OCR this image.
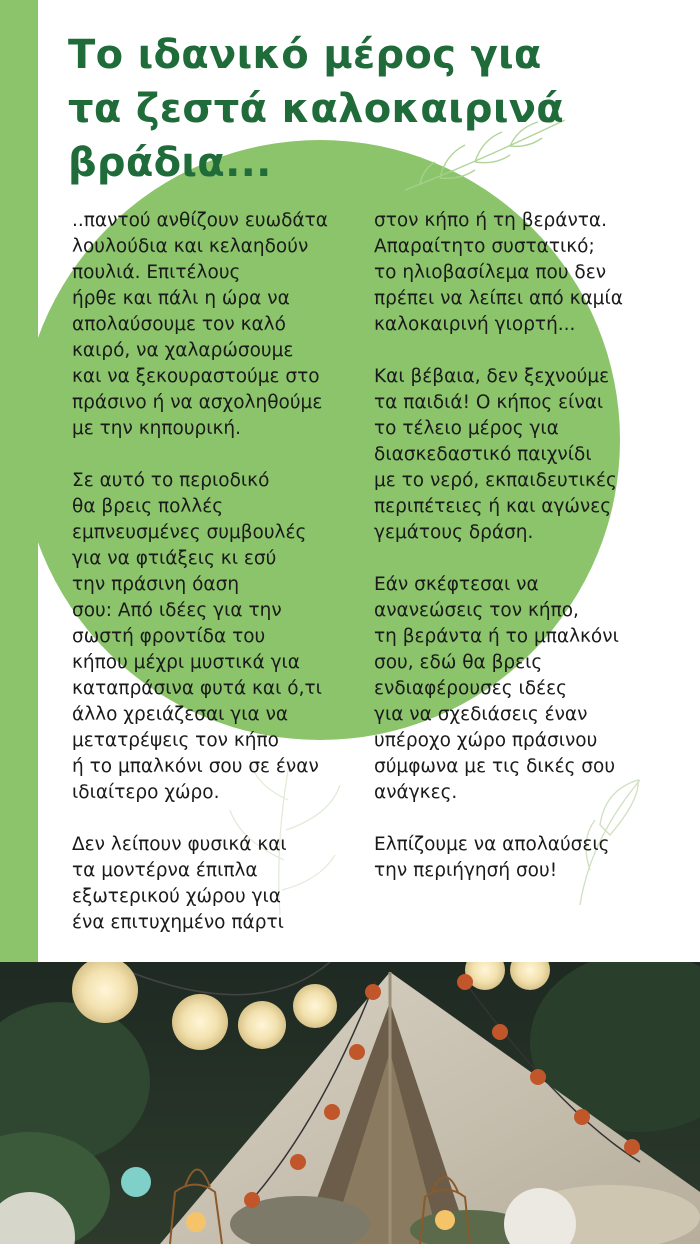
Το ιδανικό μέρος για
τα ζεστά καλοκαιρινά
βράδια...

..παντού ανθίζουν ευωδάτα
λουλούδια και κελαηδούν
πουλιά. Επιτέλους
ήρθε και πάλι η ώρα να
απολαύσουμε τον καλό
καιρό, να χαλαρώσουμε
και να ξεκουραστούμε στο
πράσινο ή να ασχοληθούμε
με την κηπουρική.

Σε αυτό το περιοδικό
θα βρεις πολλές
εμπνευσμένες συμβουλές
για να φτιάξεις κι εσύ
την πράσινη όαση
σου: Από ιδέες για την
σωστή φροντίδα του
κήπου μέχρι μυστικά για
καταπράσινα φυτά και ό,τι
άλλο χρειάζεσαι για να
μετατρέψεις τον κήπο
ή το μπαλκόνι σου σε έναν
ιδιαίτερο χώρο.

Δεν λείπουν φυσικά και
τα μοντέρνα έπιπλα
εξωτερικού χώρου για
ένα επιτυχημένο πάρτι

στον κήπο ή τη βεράντα.
Απαραίτητο συστατικό;
το ηλιοβασίλεμα που δεν
πρέπει να λείπει από καμία
καλοκαιρινή γιορτή...

Και βέβαια, δεν ξεχνούμε
τα παιδιά! Ο κήπος είναι
το τέλειο μέρος για
διασκεδαστικό παιχνίδι
με το νερό, εκπαιδευτικές
περιπέτειες ή και αγώνες
γεμάτους δράση.

Εάν σκέφτεσαι να
ανανεώσεις τον κήπο,
τη βεράντα ή το μπαλκόνι
σου, εδώ θα βρεις
ενδιαφέρουσες ιδέες
για να σχεδιάσεις έναν
υπέροχο χώρο πράσινου
σύμφωνα με τις δικές σου
ανάγκες.

Ελπίζουμε να απολαύσεις
την περιήγησή σου!
